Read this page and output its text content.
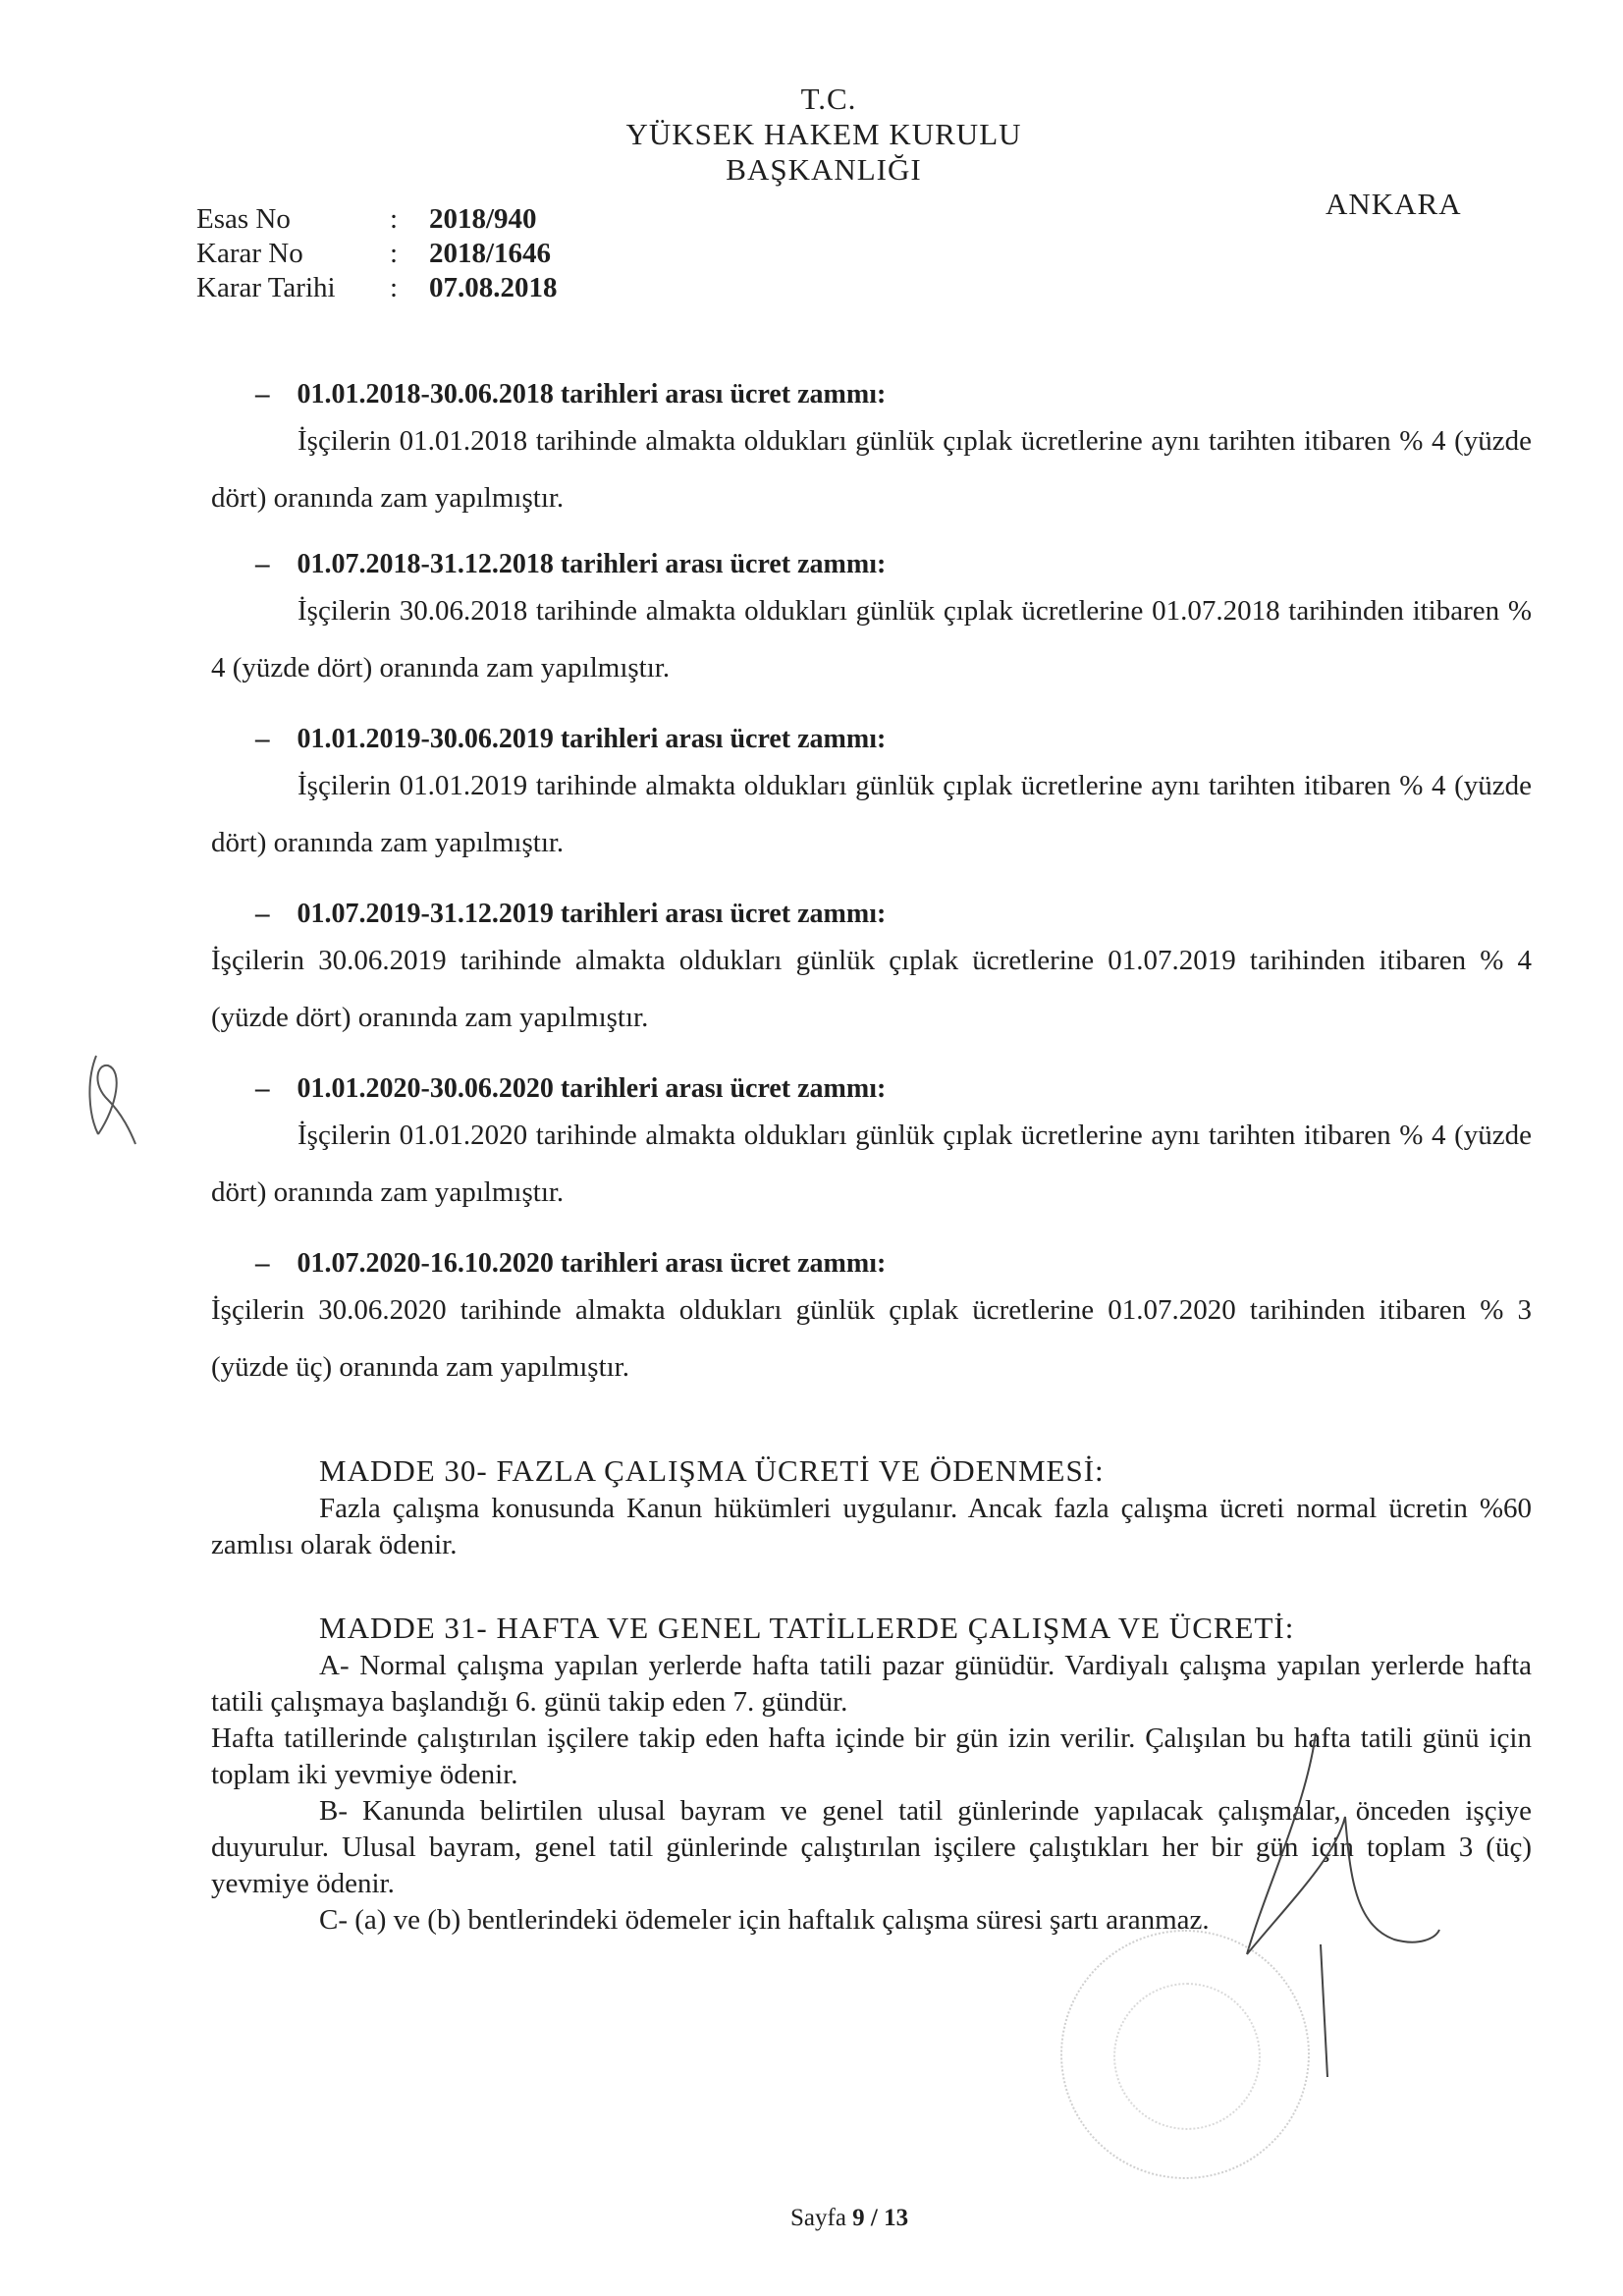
T.C.
YÜKSEK HAKEM KURULU
BAŞKANLIĞI
ANKARA
Esas No	: 2018/940
Karar No	: 2018/1646
Karar Tarihi : 07.08.2018
– 01.01.2018-30.06.2018 tarihleri arası ücret zammı:

İşçilerin 01.01.2018 tarihinde almakta oldukları günlük çıplak ücretlerine aynı tarihten itibaren % 4 (yüzde dört) oranında zam yapılmıştır.

– 01.07.2018-31.12.2018 tarihleri arası ücret zammı:

İşçilerin 30.06.2018 tarihinde almakta oldukları günlük çıplak ücretlerine 01.07.2018 tarihinden itibaren % 4 (yüzde dört) oranında zam yapılmıştır.

– 01.01.2019-30.06.2019 tarihleri arası ücret zammı:

İşçilerin 01.01.2019 tarihinde almakta oldukları günlük çıplak ücretlerine aynı tarihten itibaren % 4 (yüzde dört) oranında zam yapılmıştır.

– 01.07.2019-31.12.2019 tarihleri arası ücret zammı:

İşçilerin 30.06.2019 tarihinde almakta oldukları günlük çıplak ücretlerine 01.07.2019 tarihinden itibaren % 4 (yüzde dört) oranında zam yapılmıştır.

– 01.01.2020-30.06.2020 tarihleri arası ücret zammı:

İşçilerin 01.01.2020 tarihinde almakta oldukları günlük çıplak ücretlerine aynı tarihten itibaren % 4 (yüzde dört) oranında zam yapılmıştır.

– 01.07.2020-16.10.2020 tarihleri arası ücret zammı:

İşçilerin 30.06.2020 tarihinde almakta oldukları günlük çıplak ücretlerine 01.07.2020 tarihinden itibaren % 3 (yüzde üç) oranında zam yapılmıştır.

MADDE 30- FAZLA ÇALIŞMA ÜCRETİ VE ÖDENMESİ:

Fazla çalışma konusunda Kanun hükümleri uygulanır. Ancak fazla çalışma ücreti normal ücretin %60 zamlısı olarak ödenir.

MADDE 31- HAFTA VE GENEL TATİLLERDE ÇALIŞMA VE ÜCRETİ:

A- Normal çalışma yapılan yerlerde hafta tatili pazar günüdür. Vardiyalı çalışma yapılan yerlerde hafta tatili çalışmaya başlandığı 6. günü takip eden 7. gündür.

Hafta tatillerinde çalıştırılan işçilere takip eden hafta içinde bir gün izin verilir. Çalışılan bu hafta tatili günü için toplam iki yevmiye ödenir.

B- Kanunda belirtilen ulusal bayram ve genel tatil günlerinde yapılacak çalışmalar, önceden işçiye duyurulur. Ulusal bayram, genel tatil günlerinde çalıştırılan işçilere çalıştıkları her bir gün için toplam 3 (üç) yevmiye ödenir.

C- (a) ve (b) bentlerindeki ödemeler için haftalık çalışma süresi şartı aranmaz.

Sayfa 9 / 13
